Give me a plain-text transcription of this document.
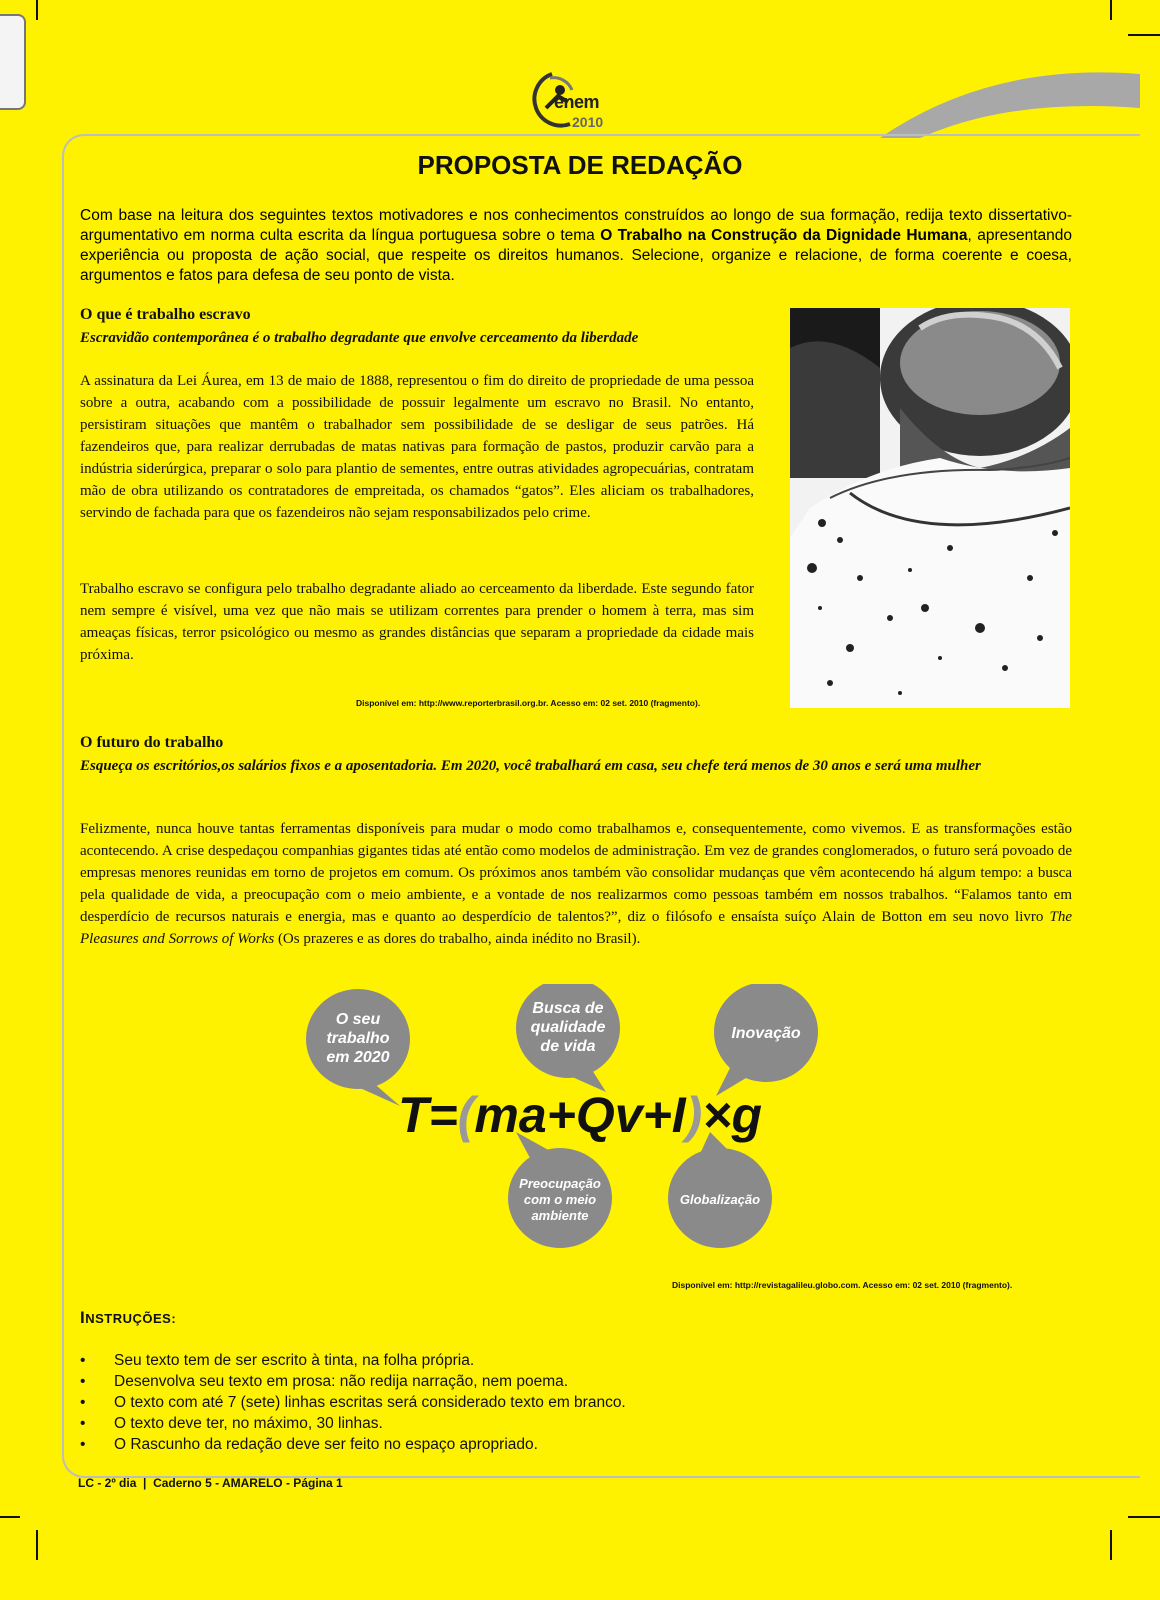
enem
2010
PROPOSTA DE REDAÇÃO
Com base na leitura dos seguintes textos motivadores e nos conhecimentos construídos ao longo de sua formação, redija texto dissertativo-argumentativo em norma culta escrita da língua portuguesa sobre o tema O Trabalho na Construção da Dignidade Humana, apresentando experiência ou proposta de ação social, que respeite os direitos humanos. Selecione, organize e relacione, de forma coerente e coesa, argumentos e fatos para defesa de seu ponto de vista.
O que é trabalho escravo
Escravidão contemporânea é o trabalho degradante que envolve cerceamento da liberdade
A assinatura da Lei Áurea, em 13 de maio de 1888, representou o fim do direito de propriedade de uma pessoa sobre a outra, acabando com a possibilidade de possuir legalmente um escravo no Brasil. No entanto, persistiram situações que mantêm o trabalhador sem possibilidade de se desligar de seus patrões. Há fazendeiros que, para realizar derrubadas de matas nativas para formação de pastos, produzir carvão para a indústria siderúrgica, preparar o solo para plantio de sementes, entre outras atividades agropecuárias, contratam mão de obra utilizando os contratadores de empreitada, os chamados “gatos”. Eles aliciam os trabalhadores, servindo de fachada para que os fazendeiros não sejam responsabilizados pelo crime.
Trabalho escravo se configura pelo trabalho degradante aliado ao cerceamento da liberdade. Este segundo fator nem sempre é visível, uma vez que não mais se utilizam correntes para prender o homem à terra, mas sim ameaças físicas, terror psicológico ou mesmo as grandes distâncias que separam a propriedade da cidade mais próxima.
Disponível em: http://www.reporterbrasil.org.br. Acesso em: 02 set. 2010 (fragmento).
O futuro do trabalho
Esqueça os escritórios,os salários fixos e a aposentadoria. Em 2020, você trabalhará em casa, seu chefe terá menos de 30 anos e será uma mulher
Felizmente, nunca houve tantas ferramentas disponíveis para mudar o modo como trabalhamos e, consequentemente, como vivemos. E as transformações estão acontecendo. A crise despedaçou companhias gigantes tidas até então como modelos de administração. Em vez de grandes conglomerados, o futuro será povoado de empresas menores reunidas em torno de projetos em comum. Os próximos anos também vão consolidar mudanças que vêm acontecendo há algum tempo: a busca pela qualidade de vida, a preocupação com o meio ambiente, e a vontade de nos realizarmos como pessoas também em nossos trabalhos. “Falamos tanto em desperdício de recursos naturais e energia, mas e quanto ao desperdício de talentos?”, diz o filósofo e ensaísta suíço Alain de Botton em seu novo livro The Pleasures and Sorrows of Works (Os prazeres e as dores do trabalho, ainda inédito no Brasil).
O seu
trabalho
em 2020
Busca de
qualidade
de vida
Inovação
Preocupação
com o meio
ambiente
Globalização
T=(ma+Qv+I)×g
Disponível em: http://revistagalileu.globo.com. Acesso em: 02 set. 2010 (fragmento).
INSTRUÇÕES:
•	Seu texto tem de ser escrito à tinta, na folha própria.
•	Desenvolva seu texto em prosa: não redija narração, nem poema.
•	O texto com até 7 (sete) linhas escritas será considerado texto em branco.
•	O texto deve ter, no máximo, 30 linhas.
•	O Rascunho da redação deve ser feito no espaço apropriado.
LC - 2º dia  |  Caderno 5 - AMARELO - Página 1
